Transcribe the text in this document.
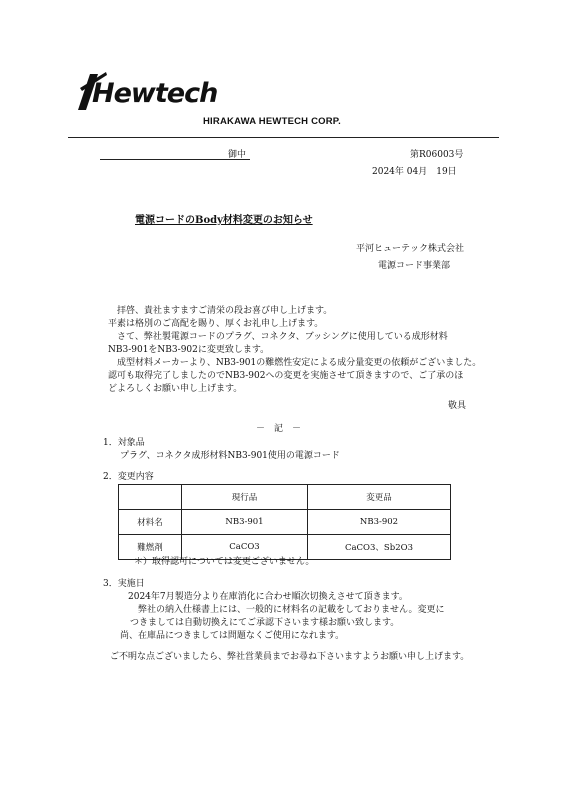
Hewtech
HIRAKAWA HEWTECH CORP.
御中	第R06003号
2024年 04月　19日
電源コードのBody材料変更のお知らせ
平河ヒューテック株式会社
電源コード事業部
　拝啓、貴社ますますご清栄の段お喜び申し上げます。
平素は格別のご高配を賜り、厚くお礼申し上げます。
　さて、弊社製電源コードのプラグ、コネクタ、ブッシングに使用している成形材料
NB3-901をNB3-902に変更致します。
　成型材料メーカーより、NB3-901の難燃性安定による成分量変更の依頼がございました。
認可も取得完了しましたのでNB3-902への変更を実施させて頂きますので、ご了承のほ
どよろしくお願い申し上げます。
敬具
－　記　－
1．対象品
プラグ、コネクタ成形材料NB3-901使用の電源コード
2．変更内容
	現行品	変更品
材料名	NB3-901	NB3-902
難燃剤	CaCO3	CaCO3、Sb2O3
＊）取得認可については変更ございません。
3．実施日
2024年7月製造分より在庫消化に合わせ順次切換えさせて頂きます。
弊社の納入仕様書上には、一般的に材料名の記載をしておりません。変更に
つきましては自動切換えにてご承認下さいます様お願い致します。
尚、在庫品につきましては問題なくご使用になれます。
ご不明な点ございましたら、弊社営業員までお尋ね下さいますようお願い申し上げます。
